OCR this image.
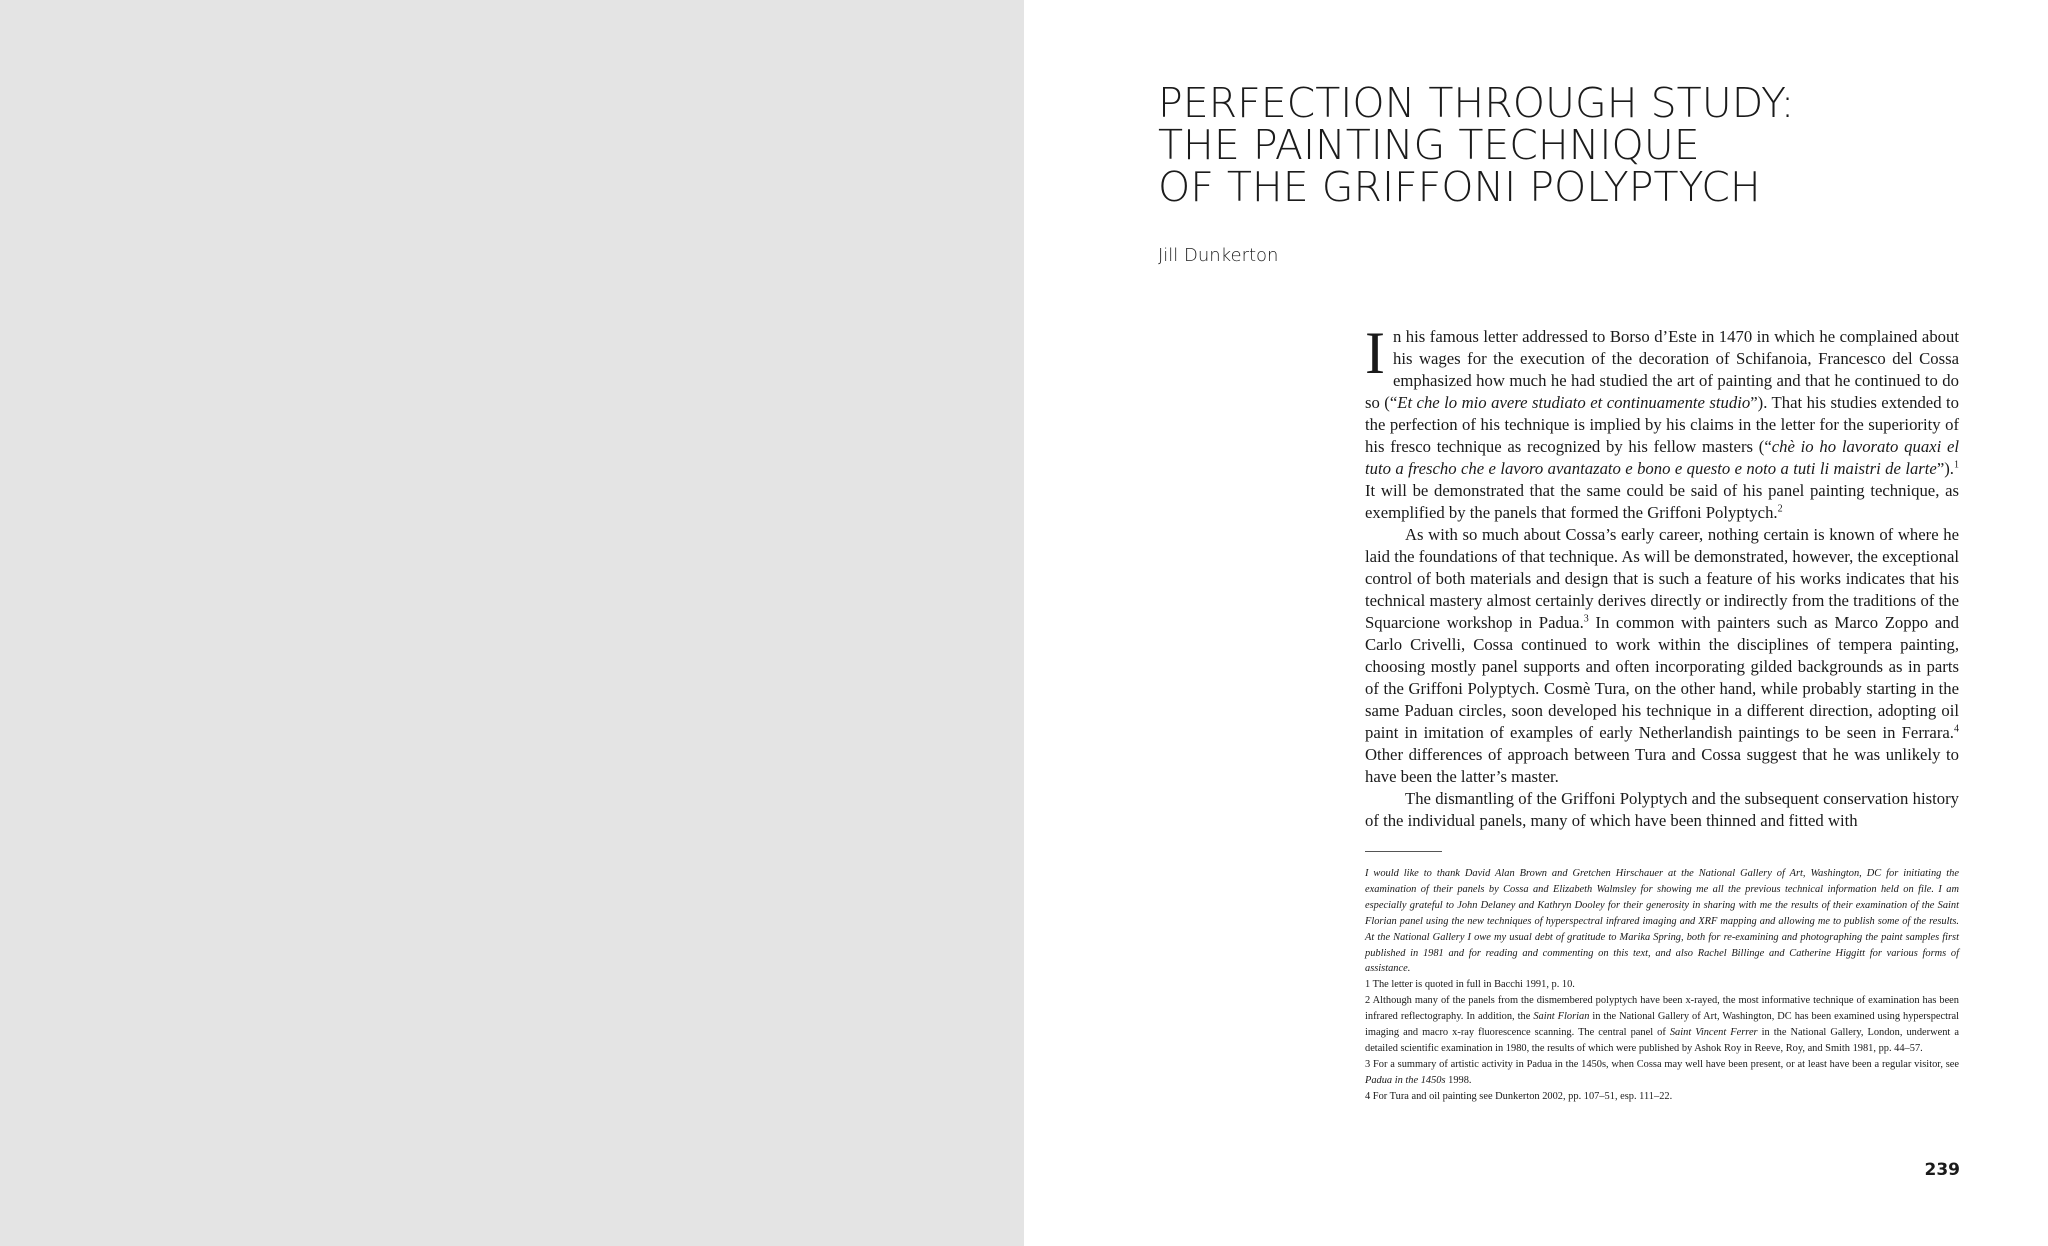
PERFECTION THROUGH STUDY:
THE PAINTING TECHNIQUE
OF THE GRIFFONI POLYPTYCH

Jill Dunkerton

In his famous letter addressed to Borso d’Este in 1470 in which he complained about his wages for the execution of the decoration of Schifanoia, Francesco del Cossa emphasized how much he had studied the art of painting and that he continued to do so (“Et che lo mio avere studiato et continuamente studio”). That his studies extended to the perfection of his technique is implied by his claims in the letter for the superiority of his fresco technique as recognized by his fellow masters (“chè io ho lavorato quaxi el tuto a frescho che e lavoro avantazato e bono e questo e noto a tuti li maistri de larte”).$^1$ It will be demonstrated that the same could be said of his panel painting technique, as exemplified by the panels that formed the Griffoni Polyptych.$^2$

As with so much about Cossa’s early career, nothing certain is known of where he laid the foundations of that technique. As will be demonstrated, however, the exceptional control of both materials and design that is such a feature of his works indicates that his technical mastery almost certainly derives directly or indirectly from the traditions of the Squarcione workshop in Padua.$^3$ In common with painters such as Marco Zoppo and Carlo Crivelli, Cossa continued to work within the disciplines of tempera painting, choosing mostly panel supports and often incorporating gilded backgrounds as in parts of the Griffoni Polyptych. Cosmè Tura, on the other hand, while probably starting in the same Paduan circles, soon developed his technique in a different direction, adopting oil paint in imitation of examples of early Netherlandish paintings to be seen in Ferrara.$^4$ Other differences of approach between Tura and Cossa suggest that he was unlikely to have been the latter’s master.

The dismantling of the Griffoni Polyptych and the subsequent conservation history of the individual panels, many of which have been thinned and fitted with

I would like to thank David Alan Brown and Gretchen Hirschauer at the National Gallery of Art, Washington, DC for initiating the examination of their panels by Cossa and Elizabeth Walmsley for showing me all the previous technical information held on file. I am especially grateful to John Delaney and Kathryn Dooley for their generosity in sharing with me the results of their examination of the Saint Florian panel using the new techniques of hyperspectral infrared imaging and XRF mapping and allowing me to publish some of the results. At the National Gallery I owe my usual debt of gratitude to Marika Spring, both for re-examining and photographing the paint samples first published in 1981 and for reading and commenting on this text, and also Rachel Billinge and Catherine Higgitt for various forms of assistance.

1 The letter is quoted in full in Bacchi 1991, p. 10.

2 Although many of the panels from the dismembered polyptych have been x-rayed, the most informative technique of examination has been infrared reflectography. In addition, the Saint Florian in the National Gallery of Art, Washington, DC has been examined using hyperspectral imaging and macro x-ray fluorescence scanning. The central panel of Saint Vincent Ferrer in the National Gallery, London, underwent a detailed scientific examination in 1980, the results of which were published by Ashok Roy in Reeve, Roy, and Smith 1981, pp. 44–57.

3 For a summary of artistic activity in Padua in the 1450s, when Cossa may well have been present, or at least have been a regular visitor, see Padua in the 1450s 1998.

4 For Tura and oil painting see Dunkerton 2002, pp. 107–51, esp. 111–22.

239
